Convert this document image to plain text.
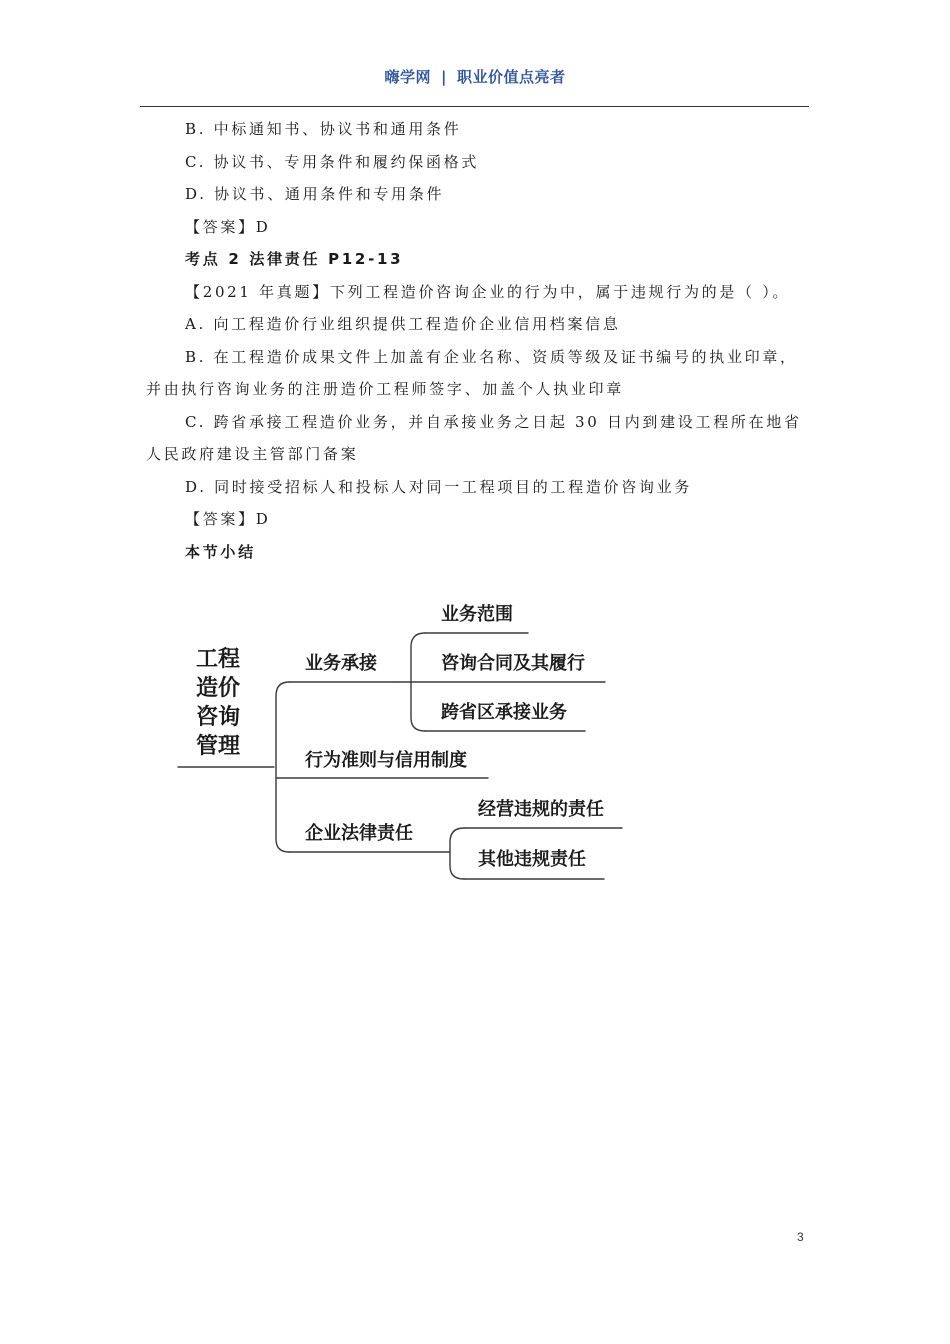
嗨学网 | 职业价值点亮者

B. 中标通知书、协议书和通用条件

C. 协议书、专用条件和履约保函格式

D. 协议书、通用条件和专用条件

【答案】D

考点 2 法律责任 P12-13

【2021 年真题】下列工程造价咨询企业的行为中，属于违规行为的是（ ）。

A. 向工程造价行业组织提供工程造价企业信用档案信息

B. 在工程造价成果文件上加盖有企业名称、资质等级及证书编号的执业印章，并由执行咨询业务的注册造价工程师签字、加盖个人执业印章

C. 跨省承接工程造价业务，并自承接业务之日起 30 日内到建设工程所在地省人民政府建设主管部门备案

D. 同时接受招标人和投标人对同一工程项目的工程造价咨询业务

【答案】D

本节小结

工程
造价
咨询
管理
业务承接
业务范围
咨询合同及其履行
跨省区承接业务
行为准则与信用制度
企业法律责任
经营违规的责任
其他违规责任
3
